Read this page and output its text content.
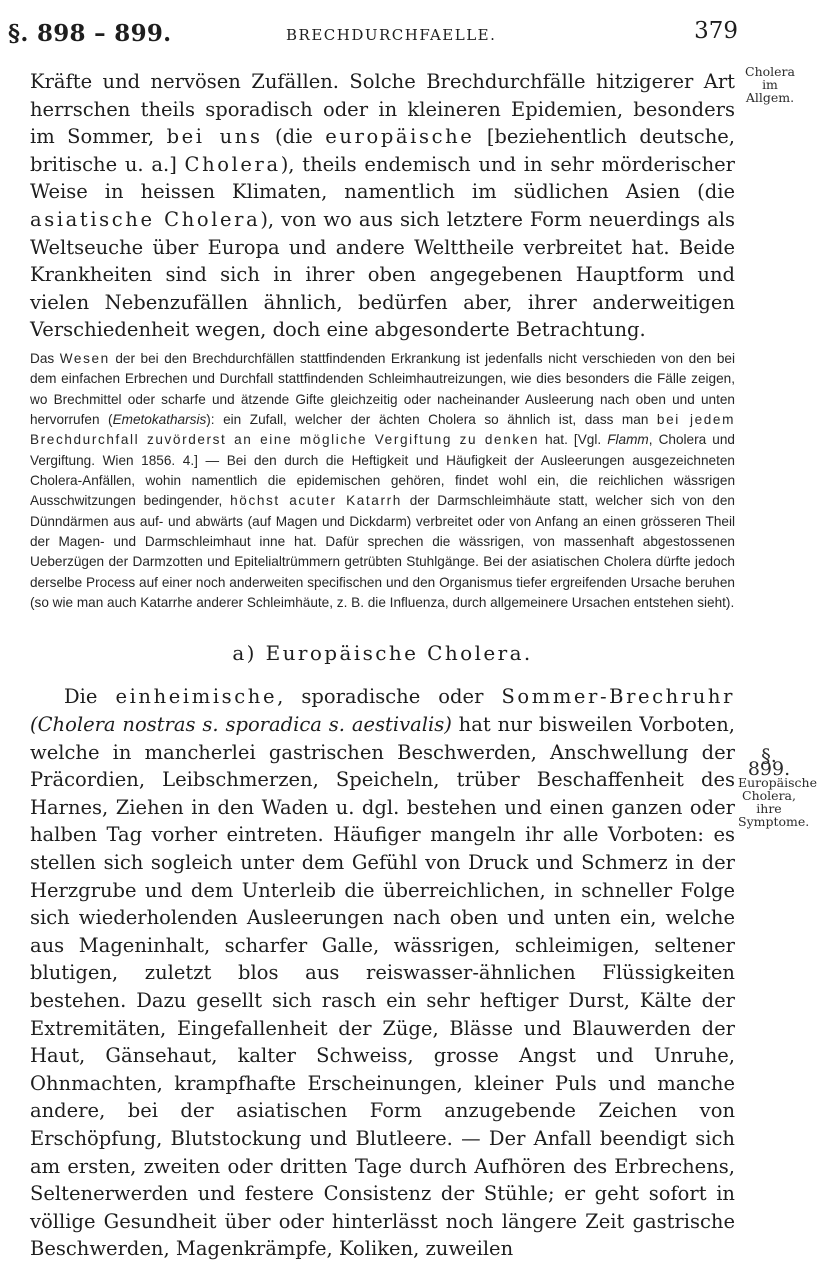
§. 898 – 899.	BRECHDURCHFAELLE.	379
Cholera
im Allgem.
§. 899.
Europäische
Cholera,
ihre
Symptome.

Kräfte und nervösen Zufällen. Solche Brechdurchfälle hitzigerer Art herrschen theils sporadisch oder in kleineren Epidemien, besonders im Sommer, bei uns (die europäische [beziehentlich deutsche, britische u. a.] Cholera), theils endemisch und in sehr mörderischer Weise in heissen Klimaten, namentlich im südlichen Asien (die asiatische Cholera), von wo aus sich letztere Form neuerdings als Weltseuche über Europa und andere Welttheile verbreitet hat. Beide Krankheiten sind sich in ihrer oben angegebenen Hauptform und vielen Nebenzufällen ähnlich, bedürfen aber, ihrer anderweitigen Verschiedenheit wegen, doch eine abgesonderte Betrachtung.

Das Wesen der bei den Brechdurchfällen stattfindenden Erkrankung ist jedenfalls nicht verschieden von den bei dem einfachen Erbrechen und Durchfall stattfindenden Schleimhautreizungen, wie dies besonders die Fälle zeigen, wo Brechmittel oder scharfe und ätzende Gifte gleichzeitig oder nacheinander Ausleerung nach oben und unten hervorrufen (Emetokatharsis): ein Zufall, welcher der ächten Cholera so ähnlich ist, dass man bei jedem Brechdurchfall zuvörderst an eine mögliche Vergiftung zu denken hat. [Vgl. Flamm, Cholera und Vergiftung. Wien 1856. 4.] — Bei den durch die Heftigkeit und Häufigkeit der Ausleerungen ausgezeichneten Cholera-Anfällen, wohin namentlich die epidemischen gehören, findet wohl ein, die reichlichen wässrigen Ausschwitzungen bedingender, höchst acuter Katarrh der Darmschleimhäute statt, welcher sich von den Dünndärmen aus auf- und abwärts (auf Magen und Dickdarm) verbreitet oder von Anfang an einen grösseren Theil der Magen- und Darmschleimhaut inne hat. Dafür sprechen die wässrigen, von massenhaft abgestossenen Ueberzügen der Darmzotten und Epitelialtrümmern getrübten Stuhlgänge. Bei der asiatischen Cholera dürfte jedoch derselbe Process auf einer noch anderweiten specifischen und den Organismus tiefer ergreifenden Ursache beruhen (so wie man auch Katarrhe anderer Schleimhäute, z. B. die Influenza, durch allgemeinere Ursachen entstehen sieht).

a) Europäische Cholera.

Die einheimische, sporadische oder Sommer-Brechruhr (Cholera nostras s. sporadica s. aestivalis) hat nur bisweilen Vorboten, welche in mancherlei gastrischen Beschwerden, Anschwellung der Präcordien, Leibschmerzen, Speicheln, trüber Beschaffenheit des Harnes, Ziehen in den Waden u. dgl. bestehen und einen ganzen oder halben Tag vorher eintreten. Häufiger mangeln ihr alle Vorboten: es stellen sich sogleich unter dem Gefühl von Druck und Schmerz in der Herzgrube und dem Unterleib die überreichlichen, in schneller Folge sich wiederholenden Ausleerungen nach oben und unten ein, welche aus Mageninhalt, scharfer Galle, wässrigen, schleimigen, seltener blutigen, zuletzt blos aus reiswasser-ähnlichen Flüssigkeiten bestehen. Dazu gesellt sich rasch ein sehr heftiger Durst, Kälte der Extremitäten, Eingefallenheit der Züge, Blässe und Blauwerden der Haut, Gänsehaut, kalter Schweiss, grosse Angst und Unruhe, Ohnmachten, krampfhafte Erscheinungen, kleiner Puls und manche andere, bei der asiatischen Form anzugebende Zeichen von Erschöpfung, Blutstockung und Blutleere. — Der Anfall beendigt sich am ersten, zweiten oder dritten Tage durch Aufhören des Erbrechens, Seltenerwerden und festere Consistenz der Stühle; er geht sofort in völlige Gesundheit über oder hinterlässt noch längere Zeit gastrische Beschwerden, Magenkrämpfe, Koliken, zuweilen
